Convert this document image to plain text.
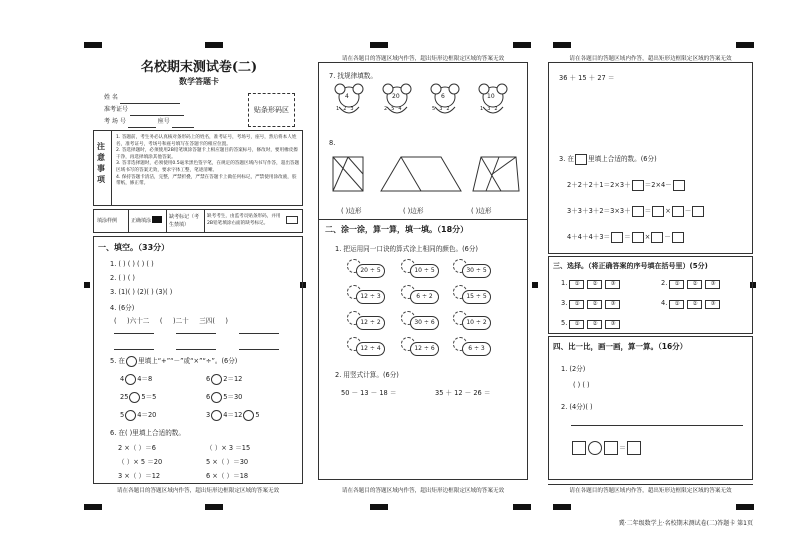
名校期末测试卷(二)
数学答题卡
姓 名
准考证号
考 场 号	座号
贴条形码区
注意事项
1. 答题前，考生务必认真核对条形码上的姓名，准考证号，考场号，座号，然后将本人姓名，准考证号，考场号和座号填写在答题卡的相应位置。
2. 答选择题时，必须使用2B铅笔填涂答题卡上相应题目的答案标号，修改时，要用橡皮擦干净，再选择填涂其他答案。
3. 答非选择题时，必须使用0.5毫米黑色签字笔，在规定的答题区域内书写作答，超出答题区域书写的答案无效，要求字体工整，笔迹清晰。
4. 保持答题卡清洁，完整，严禁折叠，严禁在答题卡上做任何标记，严禁使用涂改液，胶带纸，修正带。
填涂样例	正确填涂
缺考标记（考生禁填）
缺考考生，由监考员贴条形码，并用2B铅笔填涂右面的缺考标记。
一、填空。（33分）
1. ( ) ( ) ( ) ( )
2. ( ) ( )
3. (1)( ) (2)( ) (3)( )
4. (6分)
(     )六十二     (     )二十 三四(     )
5. 在 里填上“+”“－”或“×”“÷”。(6分)
4 4＝8	6 2＝12
25 5＝5	6 5＝30
5 4＝20	3 4＝12 5
6. 在( )里填上合适的数。
2 ×（ ）＝6	（ ）× 3 ＝15
（ ）× 5 ＝20	5 ×（ ）＝30
3 ×（ ）＝12	6 ×（ ）＝18
请在各题目的答题区域内作答，超出矩形边框限定区域的答案无效
请在各题目的答题区域内作答，超出矩形边框限定区域的答案无效
7. 找规律填数。
4	20	6	10
123	254	532	132
8.
( )边形	( )边形	( )边形
二、涂一涂，算一算，填一填。（18分）
1. 把运用同一口诀的算式涂上相同的颜色。(6分)
20 ÷ 5	10 ÷ 5	30 ÷ 5
12 ÷ 3	6 ÷ 2	15 ÷ 5
12 ÷ 2	30 ÷ 6	10 ÷ 2
12 ÷ 4	12 ÷ 6	6 ÷ 3
2. 用竖式计算。(6分)
50 － 13 － 18 ＝	35 ＋ 12 － 26 ＝
请在各题目的答题区域内作答，超出矩形边框限定区域的答案无效
请在各题目的答题区域内作答，超出矩形边框限定区域的答案无效
36 ＋ 15 ＋ 27 ＝
3. 在 里填上合适的数。(6分)
2＋2＋2＋1＝2×3＋ ＝2×4－
3＋3＋3＋2＝3×3＋ ＝ × －
4＋4＋4＋3＝ ＝ × －
三、选择。（将正确答案的序号填在括号里）(5分)
1. ① ② ③	2. ① ② ③
3. ① ② ③	4. ① ② ③
5. ① ② ③
四、比一比，画一画，算一算。（16分）
1. (2分)
( ) ( )
2. (4分)( )
＝
请在各题目的答题区域内作答，超出矩形边框限定区域的答案无效
冀·二年级数学上·名校期末测试卷(二)答题卡 第1页
